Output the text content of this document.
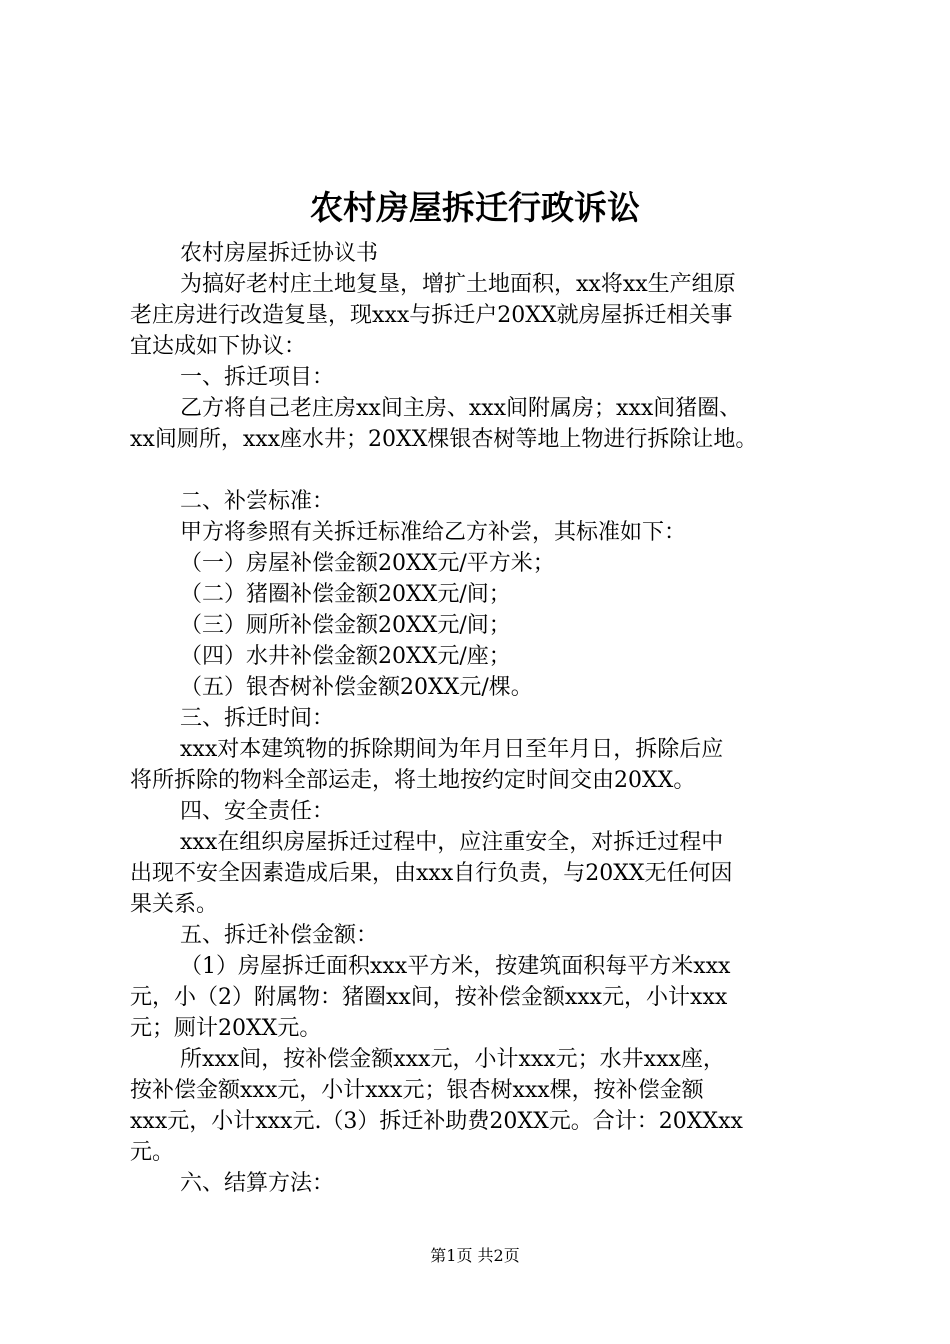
农村房屋拆迁行政诉讼

农村房屋拆迁协议书

为搞好老村庄土地复垦，增扩土地面积，xx将xx生产组原

老庄房进行改造复垦，现xxx与拆迁户20XX就房屋拆迁相关事

宜达成如下协议：

一、拆迁项目：

乙方将自己老庄房xx间主房、xxx间附属房；xxx间猪圈、

xx间厕所，xxx座水井；20XX棵银杏树等地上物进行拆除让地。

二、补尝标准：

甲方将参照有关拆迁标准给乙方补尝，其标准如下：

（一）房屋补偿金额20XX元/平方米；

（二）猪圈补偿金额20XX元/间；

（三）厕所补偿金额20XX元/间；

（四）水井补偿金额20XX元/座；

（五）银杏树补偿金额20XX元/棵。

三、拆迁时间：

xxx对本建筑物的拆除期间为年月日至年月日，拆除后应

将所拆除的物料全部运走，将土地按约定时间交由20XX。

四、安全责任：

xxx在组织房屋拆迁过程中，应注重安全，对拆迁过程中

出现不安全因素造成后果，由xxx自行负责，与20XX无任何因

果关系。

五、拆迁补偿金额：

（1）房屋拆迁面积xxx平方米，按建筑面积每平方米xxx

元，小（2）附属物：猪圈xx间，按补偿金额xxx元，小计xxx

元；厕计20XX元。

所xxx间，按补偿金额xxx元，小计xxx元；水井xxx座，

按补偿金额xxx元，小计xxx元；银杏树xxx棵，按补偿金额

xxx元，小计xxx元.（3）拆迁补助费20XX元。合计：20XXxx

元。

六、结算方法：

第1页 共2页
